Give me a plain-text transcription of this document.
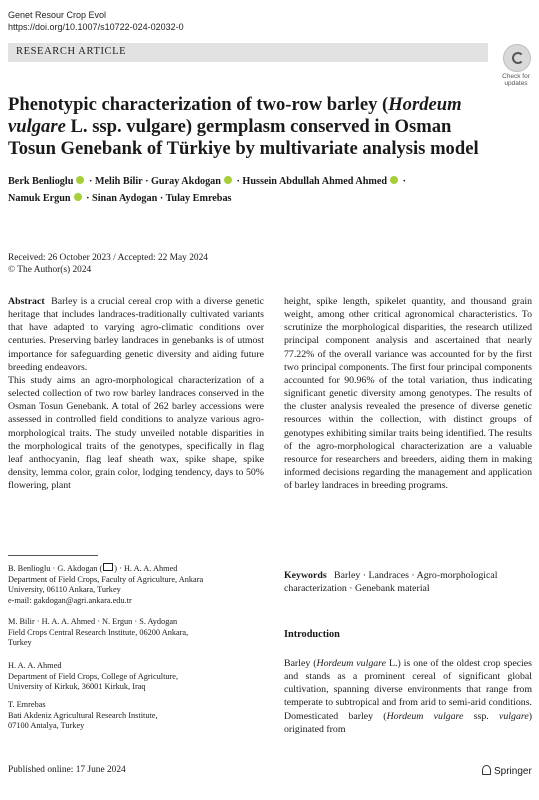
Genet Resour Crop Evol
https://doi.org/10.1007/s10722-024-02032-0
RESEARCH ARTICLE
Check for
updates
Phenotypic characterization of two-row barley (Hordeum vulgare L. ssp. vulgare) germplasm conserved in Osman Tosun Genebank of Türkiye by multivariate analysis model
Berk Benlioglu · Melih Bilir · Guray Akdogan · Hussein Abdullah Ahmed Ahmed ·
Namuk Ergun · Sinan Aydogan · Tulay Emrebas
Received: 26 October 2023 / Accepted: 22 May 2024
© The Author(s) 2024
Abstract Barley is a crucial cereal crop with a diverse genetic heritage that includes landraces-traditionally cultivated variants that have adapted to varying agro-climatic conditions over centuries. Preserving barley landraces in genebanks is of utmost importance for safeguarding genetic diversity and aiding future breeding endeavors.
This study aims an agro-morphological characterization of a selected collection of two row barley landraces conserved in the Osman Tosun Genebank. A total of 262 barley accessions were assessed in controlled field conditions to analyze various agro-morphological traits. The study unveiled notable disparities in the morphological traits of the genotypes, specifically in flag leaf anthocyanin, flag leaf sheath wax, spike shape, spike density, lemma color, grain color, lodging tendency, days to 50% flowering, plant
height, spike length, spikelet quantity, and thousand grain weight, among other critical agronomical characteristics. To scrutinize the morphological disparities, the research utilized principal component analysis and ascertained that nearly 77.22% of the overall variance was accounted for by the first two principal components. The first four principal components accounted for 90.96% of the total variation, thus indicating significant genetic diversity among genotypes. The results of the cluster analysis revealed the presence of diverse genetic resources within the collection, with distinct groups of genotypes exhibiting similar traits being identified. The results of the agro-morphological characterization are a valuable resource for researchers and breeders, aiding them in making informed decisions regarding the management and application of barley landraces in breeding programs.
B. Benlioglu · G. Akdogan ( ) · H. A. A. Ahmed
Department of Field Crops, Faculty of Agriculture, Ankara
University, 06110 Ankara, Turkey
e-mail: gakdogan@agri.ankara.edu.tr
M. Bilir · H. A. A. Ahmed · N. Ergun · S. Aydogan
Field Crops Central Research Institute, 06200 Ankara,
Turkey
H. A. A. Ahmed
Department of Field Crops, College of Agriculture,
University of Kirkuk, 36001 Kirkuk, Iraq
T. Emrebas
Bati Akdeniz Agricultural Research Institute,
07100 Antalya, Turkey
Keywords Barley · Landraces · Agro-morphological characterization · Genebank material
Introduction
Barley (Hordeum vulgare L.) is one of the oldest crop species and stands as a prominent cereal of significant global cultivation, spanning diverse environments that range from temperate to subtropical and from arid to semi-arid conditions. Domesticated barley (Hordeum vulgare ssp. vulgare) originated from
Published online: 17 June 2024	Springer
